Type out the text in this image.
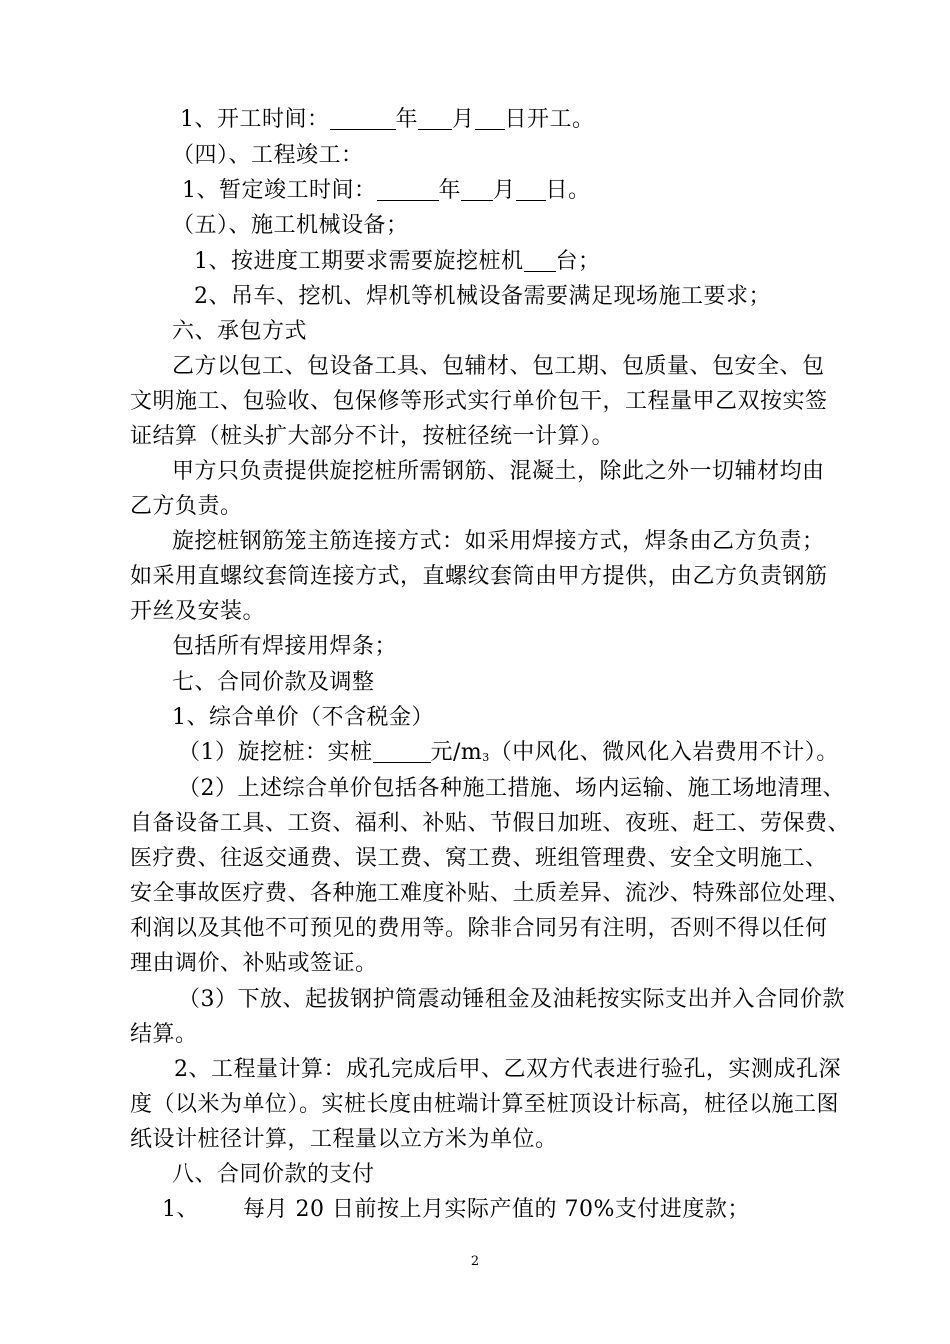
1、开工时间：	年 月 日开工。
（四）、工程竣工：
1、暂定竣工时间：	年 月 日。
（五）、施工机械设备；
1、按进度工期要求需要旋挖桩机 台；
2、吊车、挖机、焊机等机械设备需要满足现场施工要求；
六、承包方式
乙方以包工、包设备工具、包辅材、包工期、包质量、包安全、包
文明施工、包验收、包保修等形式实行单价包干，工程量甲乙双按实签
证结算（桩头扩大部分不计，按桩径统一计算）。
甲方只负责提供旋挖桩所需钢筋、混凝土，除此之外一切辅材均由
乙方负责。
旋挖桩钢筋笼主筋连接方式：如采用焊接方式，焊条由乙方负责；
如采用直螺纹套筒连接方式，直螺纹套筒由甲方提供，由乙方负责钢筋
开丝及安装。
包括所有焊接用焊条；
七、合同价款及调整
1、综合单价（不含税金）
（1）旋挖桩：实桩	元/m3（中风化、微风化入岩费用不计）。
（2）上述综合单价包括各种施工措施、场内运输、施工场地清理、
自备设备工具、工资、福利、补贴、节假日加班、夜班、赶工、劳保费、
医疗费、往返交通费、误工费、窝工费、班组管理费、安全文明施工、
安全事故医疗费、各种施工难度补贴、土质差异、流沙、特殊部位处理、
利润以及其他不可预见的费用等。除非合同另有注明，否则不得以任何
理由调价、补贴或签证。
（3）下放、起拔钢护筒震动锤租金及油耗按实际支出并入合同价款
结算。
2、工程量计算：成孔完成后甲、乙双方代表进行验孔，实测成孔深
度（以米为单位）。实桩长度由桩端计算至桩顶设计标高，桩径以施工图
纸设计桩径计算，工程量以立方米为单位。
八、合同价款的支付
1、 每月 20 日前按上月实际产值的 70%支付进度款；
2
